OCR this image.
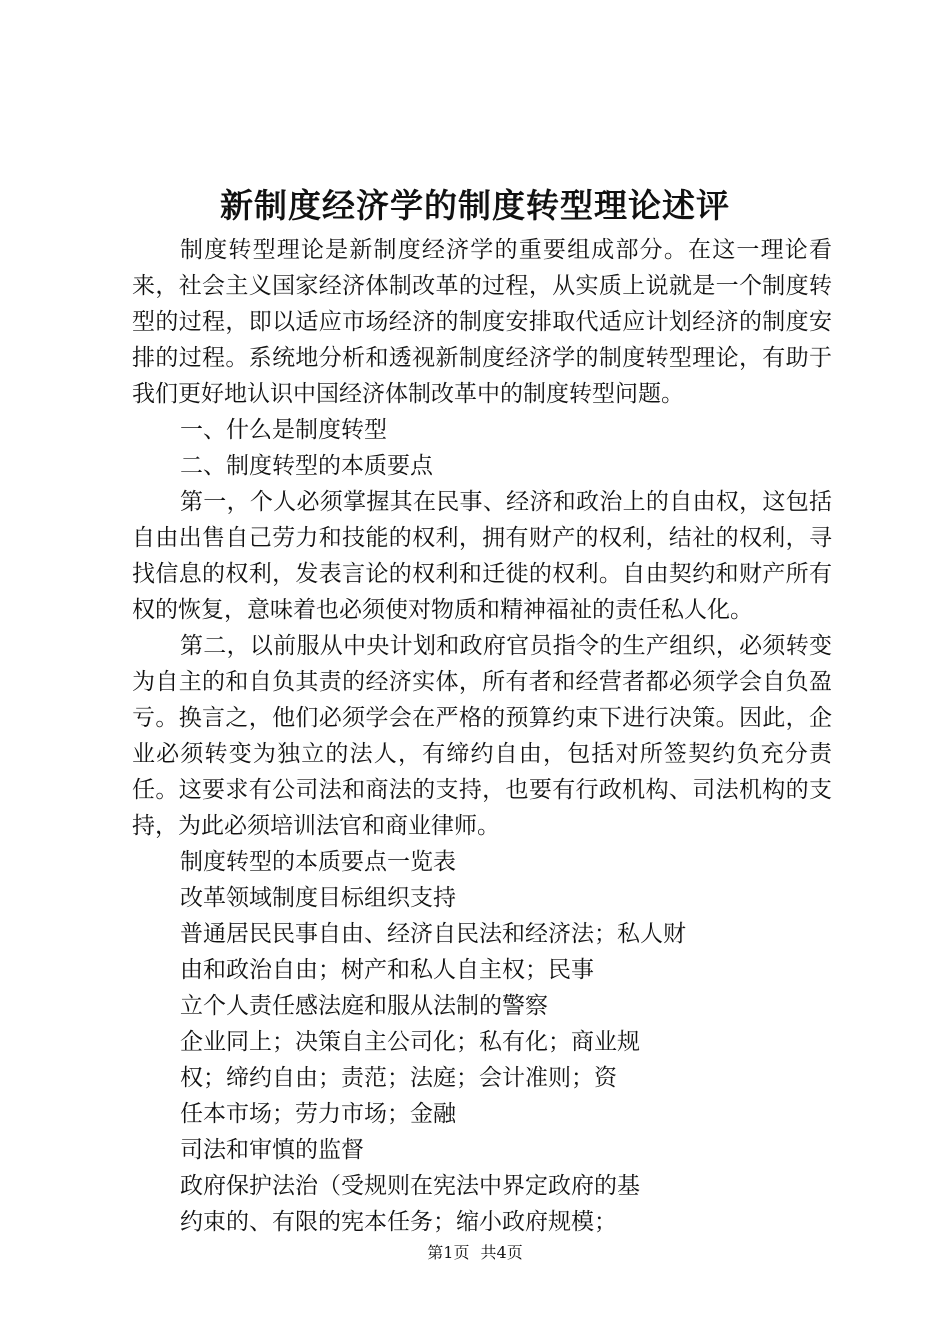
新制度经济学的制度转型理论述评

制度转型理论是新制度经济学的重要组成部分。在这一理论看来，社会主义国家经济体制改革的过程，从实质上说就是一个制度转型的过程，即以适应市场经济的制度安排取代适应计划经济的制度安排的过程。系统地分析和透视新制度经济学的制度转型理论，有助于我们更好地认识中国经济体制改革中的制度转型问题。

一、什么是制度转型

二、制度转型的本质要点

第一，个人必须掌握其在民事、经济和政治上的自由权，这包括自由出售自己劳力和技能的权利，拥有财产的权利，结社的权利，寻找信息的权利，发表言论的权利和迁徙的权利。自由契约和财产所有权的恢复，意味着也必须使对物质和精神福祉的责任私人化。

第二，以前服从中央计划和政府官员指令的生产组织，必须转变为自主的和自负其责的经济实体，所有者和经营者都必须学会自负盈亏。换言之，他们必须学会在严格的预算约束下进行决策。因此，企业必须转变为独立的法人，有缔约自由，包括对所签契约负充分责任。这要求有公司法和商法的支持，也要有行政机构、司法机构的支持，为此必须培训法官和商业律师。

制度转型的本质要点一览表

改革领域制度目标组织支持

普通居民民事自由、经济自民法和经济法；私人财

由和政治自由；树产和私人自主权；民事

立个人责任感法庭和服从法制的警察

企业同上；决策自主公司化；私有化；商业规

权；缔约自由；责范；法庭；会计准则；资

任本市场；劳力市场；金融

司法和审慎的监督

政府保护法治（受规则在宪法中界定政府的基

约束的、有限的宪本任务；缩小政府规模；

第1页 共4页
